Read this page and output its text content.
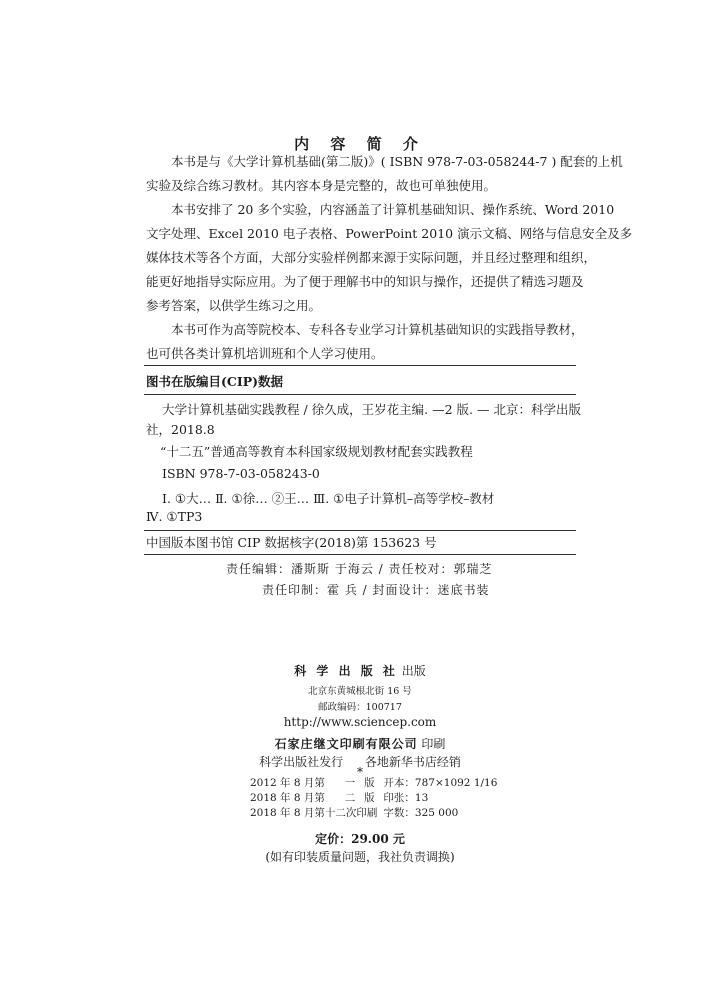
内 容 简 介
本书是与《大学计算机基础(第二版)》( ISBN 978-7-03-058244-7 ) 配套的上机
实验及综合练习教材。其内容本身是完整的，故也可单独使用。
本书安排了 20 多个实验，内容涵盖了计算机基础知识、操作系统、Word 2010
文字处理、Excel 2010 电子表格、PowerPoint 2010 演示文稿、网络与信息安全及多
媒体技术等各个方面，大部分实验样例都来源于实际问题，并且经过整理和组织，
能更好地指导实际应用。为了便于理解书中的知识与操作，还提供了精选习题及
参考答案，以供学生练习之用。
本书可作为高等院校本、专科各专业学习计算机基础知识的实践指导教材，
也可供各类计算机培训班和个人学习使用。
图书在版编目(CIP)数据
大学计算机基础实践教程 / 徐久成，王岁花主编. —2 版. — 北京：科学出版
社，2018.8
“十二五”普通高等教育本科国家级规划教材配套实践教程
ISBN 978-7-03-058243-0
Ⅰ. ①大… Ⅱ. ①徐… ②王… Ⅲ. ①电子计算机–高等学校–教材
Ⅳ. ①TP3
中国版本图书馆 CIP 数据核字(2018)第 153623 号
责任编辑：潘斯斯 于海云 / 责任校对：郭瑞芝
责任印制：霍 兵 / 封面设计：迷底书装
科 学 出 版 社 出版
北京东黄城根北街 16 号
邮政编码：100717
http://www.sciencep.com
石家庄继文印刷有限公司 印刷
科学出版社发行 各地新华书店经销
*
2012 年 8 月第	一	版	开本：787×1092 1/16
2018 年 8 月第	二	版	印张：13
2018 年 8 月第十二次印刷			字数：325 000
定价：29.00 元
(如有印装质量问题，我社负责调换)
